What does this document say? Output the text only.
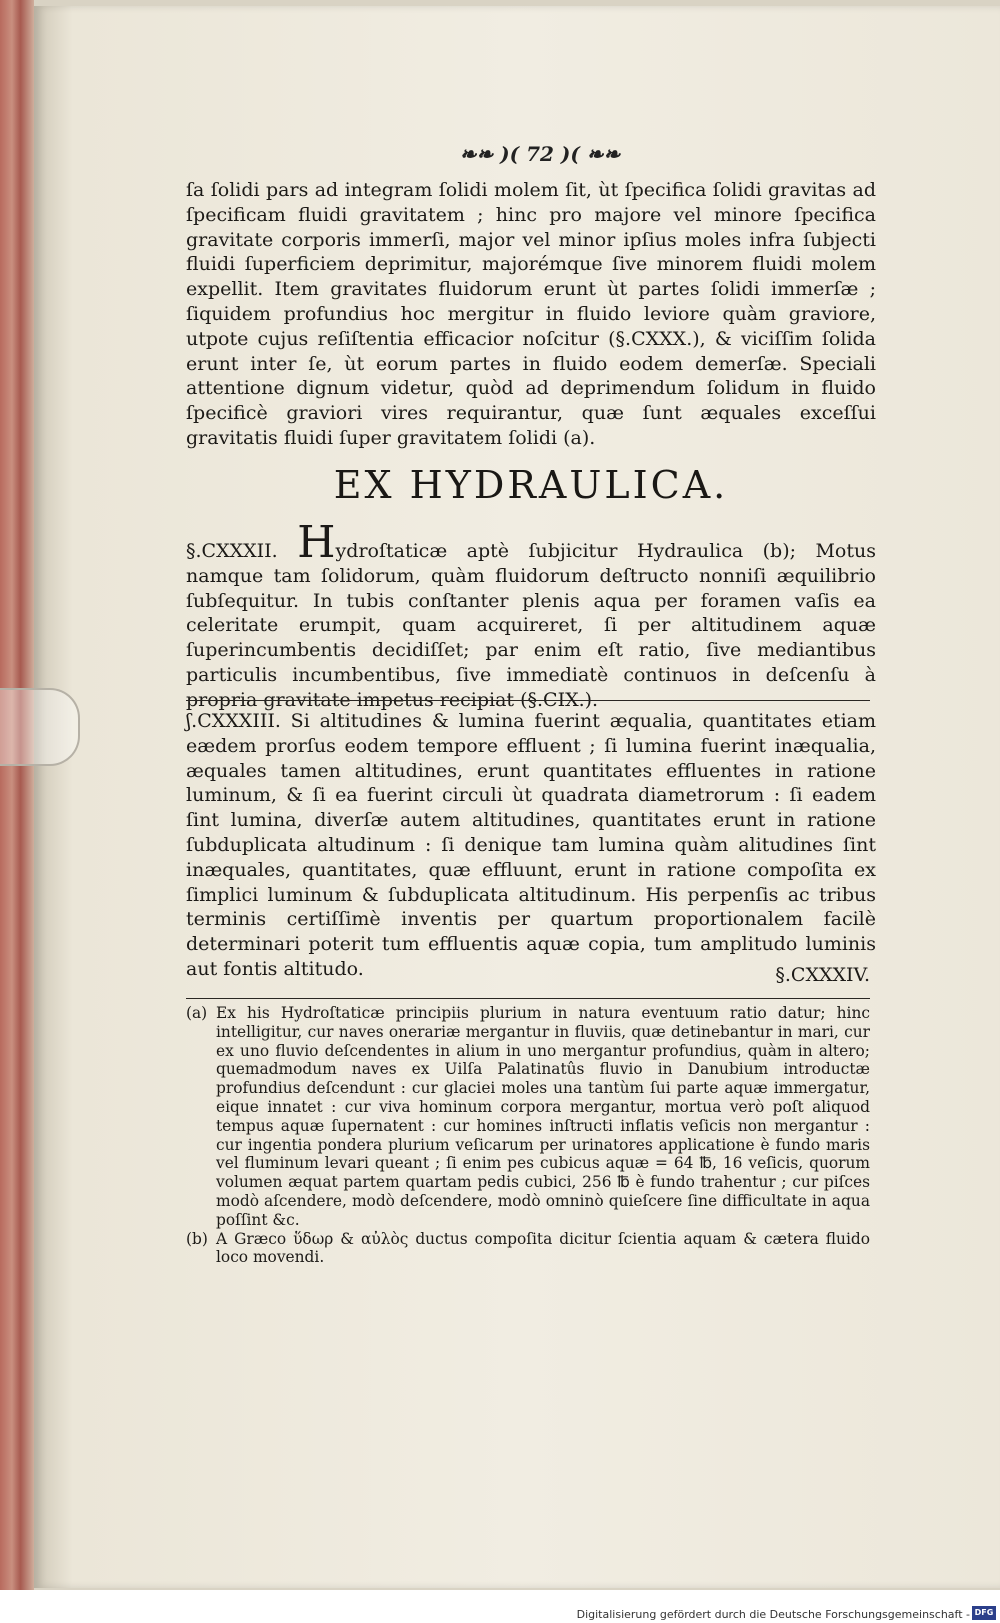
❧❧ )( 72 )( ❧❧

ſa ſolidi pars ad integram ſolidi molem ſit, ùt ſpecifica ſolidi gravitas ad ſpecificam fluidi gravitatem ; hinc pro majore vel minore ſpecifica gravitate corporis immerſi, major vel minor ipſius moles infra ſubjecti fluidi ſuperficiem deprimitur, majorémque ſive minorem fluidi molem expellit. Item gravitates fluidorum erunt ùt partes ſolidi immerſæ ; ſiquidem profundius hoc mergitur in fluido leviore quàm graviore, utpote cujus reſiſtentia efficacior noſcitur (§.CXXX.), & viciſſim ſolida erunt inter ſe, ùt eorum partes in fluido eodem demerſæ. Speciali attentione dignum videtur, quòd ad deprimendum ſolidum in fluido ſpecificè graviori vires requirantur, quæ ſunt æquales exceſſui gravitatis fluidi ſuper gravitatem ſolidi (a).

EX HYDRAULICA.

§.CXXXII. Hydroſtaticæ aptè ſubjicitur Hydraulica (b); Motus namque tam ſolidorum, quàm fluidorum deſtructo nonniſi æquilibrio ſubſequitur. In tubis conſtanter plenis aqua per foramen vaſis ea celeritate erumpit, quam acquireret, ſi per altitudinem aquæ ſuperincumbentis decidiſſet; par enim eſt ratio, ſive mediantibus particulis incumbentibus, ſive immediatè continuos in deſcenſu à propria gravitate impetus recipiat (§.CIX.).

ʃ.CXXXIII. Si altitudines & lumina fuerint æqualia, quantitates etiam eædem prorſus eodem tempore effluent ; ſi lumina fuerint inæqualia, æquales tamen altitudines, erunt quantitates effluentes in ratione luminum, & ſi ea fuerint circuli ùt quadrata diametrorum : ſi eadem ſint lumina, diverſæ autem altitudines, quantitates erunt in ratione ſubduplicata altudinum : ſi denique tam lumina quàm alitudines ſint inæquales, quantitates, quæ effluunt, erunt in ratione compoſita ex ſimplici luminum & ſubduplicata altitudinum. His perpenſis ac tribus terminis certiſſimè inventis per quartum proportionalem facilè determinari poterit tum effluentis aquæ copia, tum amplitudo luminis aut fontis altitudo.	§.CXXXIV.
(a) Ex his Hydroſtaticæ principiis plurium in natura eventuum ratio datur; hinc intelligitur, cur naves onerariæ mergantur in fluviis, quæ detinebantur in mari, cur ex uno fluvio deſcendentes in alium in uno mergantur profundius, quàm in altero; quemadmodum naves ex Uilſa Palatinatûs fluvio in Danubium introductæ profundius deſcendunt : cur glaciei moles una tantùm ſui parte aquæ immergatur, eique innatet : cur viva hominum corpora mergantur, mortua verò poſt aliquod tempus aquæ ſupernatent : cur homines inſtructi inflatis veſicis non mergantur : cur ingentia pondera plurium veſicarum per urinatores applicatione è fundo maris vel fluminum levari queant ; ſi enim pes cubicus aquæ = 64 ℔, 16 veſicis, quorum volumen æquat partem quartam pedis cubici, 256 ℔ è fundo trahentur ; cur piſces modò aſcendere, modò deſcendere, modò omninò quieſcere ſine difficultate in aqua poſſint &c.
(b) A Græco ὕδωρ & αὐλὸς ductus compoſita dicitur ſcientia aquam & cætera fluido loco movendi.
Digitalisierung gefördert durch die Deutsche Forschungsgemeinschaft - DFG
